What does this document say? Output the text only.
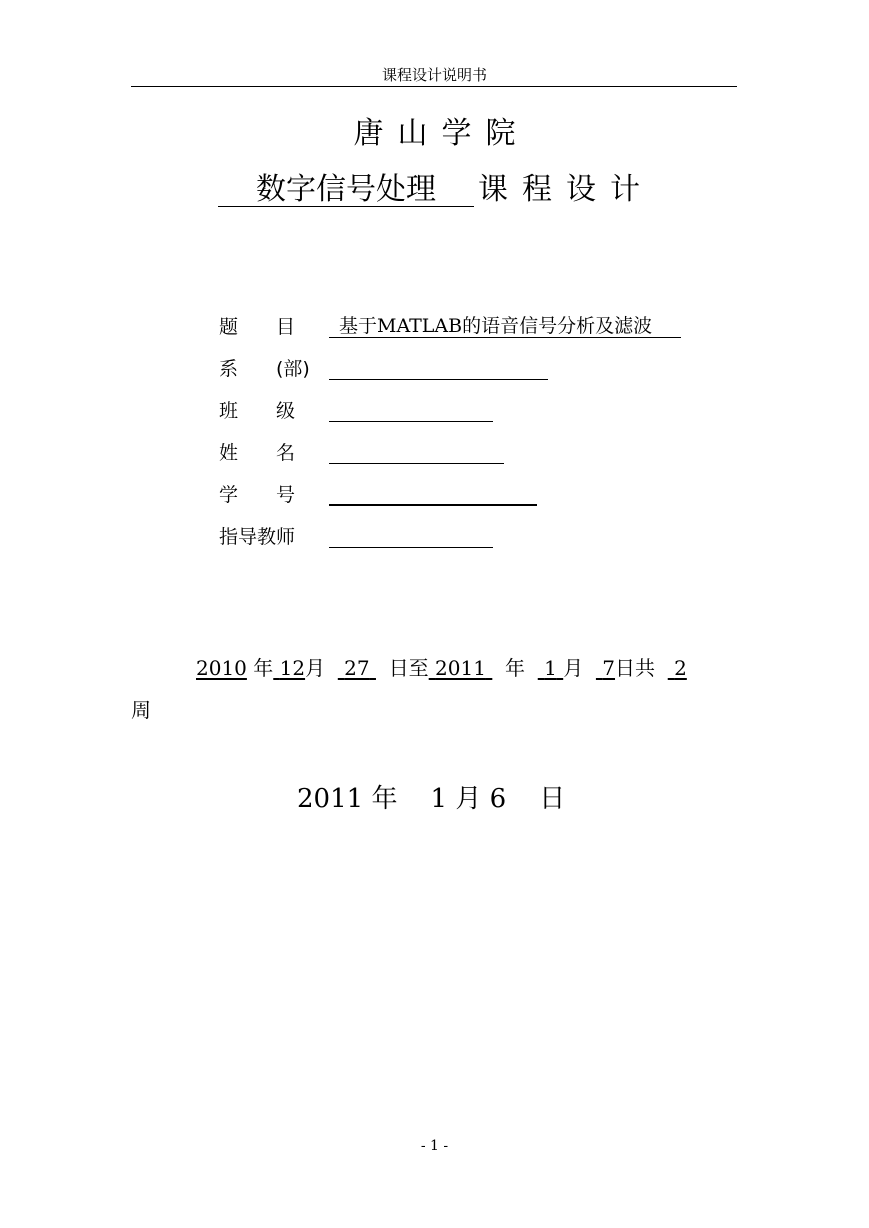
课程设计说明书
唐山学院
数字信号处理	课程设计
题　　目	基于MATLAB的语音信号分析及滤波
系　　(部)
班　　级
姓　　名
学　　号
指导教师
2010 年 12月 27 日至 2011 年 1 月 7日共 2
周
2011 年 1 月 6 日
- 1 -
